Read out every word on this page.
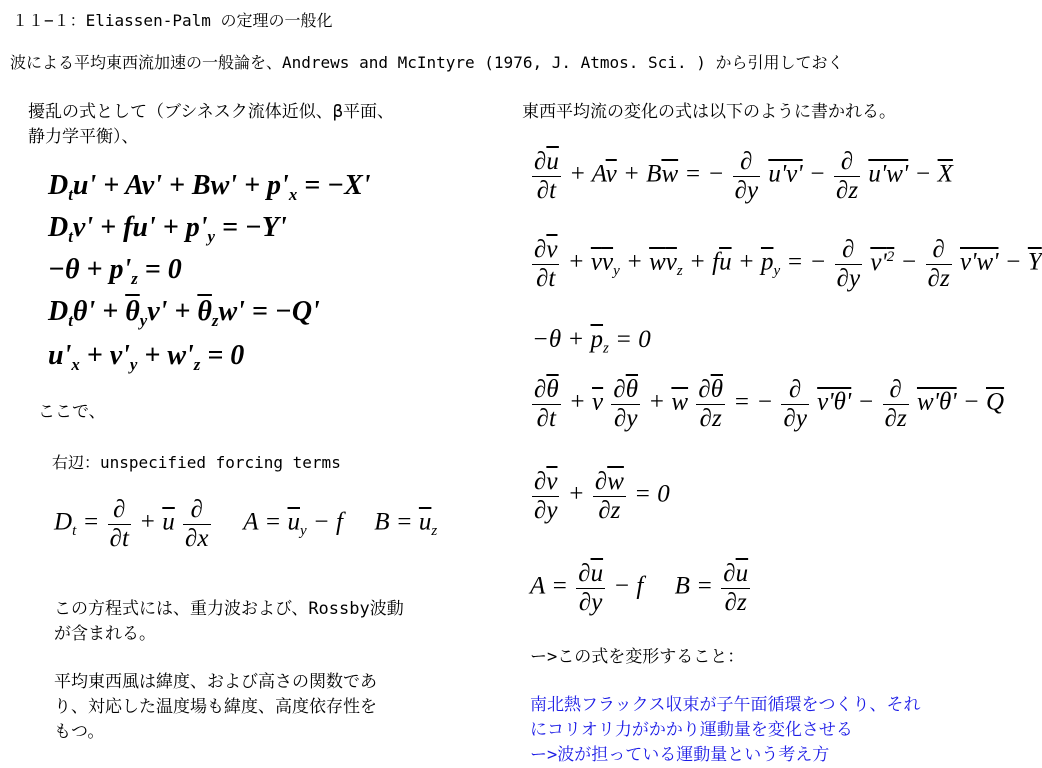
１１−１：Eliassen-Palm の定理の一般化
波による平均東西流加速の一般論を、Andrews and McIntyre (1976, J. Atmos. Sci. ) から引用しておく
擾乱の式として（ブシネスク流体近似、β平面、
静力学平衡）、
$D_tu' + Av' + Bw' + p'_x = -X'$
$D_tv' + fu' + p'_y = -Y'$
$-\theta + p'_z = 0$
$D_t\theta' + \overline{\theta}_yv' + \overline{\theta}_zw' = -Q'$
$u'_x + v'_y + w'_z = 0$
ここで、
右辺：unspecified forcing terms
$D_t = \frac{\partial}{\partial t} + \overline{u} \frac{\partial}{\partial x}$ $A = \overline{u}_y - f$     $B = \overline{u}_z$
この方程式には、重力波および、Rossby波動
が含まれる。
平均東西風は緯度、および高さの関数であ
り、対応した温度場も緯度、高度依存性を
もつ。
東西平均流の変化の式は以下のように書かれる。
$\frac{\partial\overline{u}}{\partial t} + A\overline{v} + B\overline{w}$ = − $\frac{\partial}{\partial y} u'v' - \frac{\partial}{\partial z} u'w' - \overline{X}$
$\frac{\partial\overline{v}}{\partial t} + \overline{v}\overline{v}_y + \overline{w}\overline{v}_z + f\overline{u} + \overline{p}_y$ = − $\frac{\partial}{\partial y} v'^2 - \frac{\partial}{\partial z} v'w' - \overline{Y}$
$-\theta + \overline{p}_z = 0$
$\frac{\partial\overline{\theta}}{\partial t} + \overline{v} \frac{\partial\overline{\theta}}{\partial y} + \overline{w} \frac{\partial\overline{\theta}}{\partial z}$ = − $\frac{\partial}{\partial y} v'\theta' - \frac{\partial}{\partial z} w'\theta' - \overline{Q}$
$\frac{\partial\overline{v}}{\partial y} + \frac{\partial\overline{w}}{\partial z} = 0$
$A = \frac{\partial\overline{u}}{\partial y} - f$     $B = \frac{\partial\overline{u}}{\partial z}$
ー>この式を変形すること：
南北熱フラックス収束が子午面循環をつくり、それ
にコリオリ力がかかり運動量を変化させる
ー>波が担っている運動量という考え方
